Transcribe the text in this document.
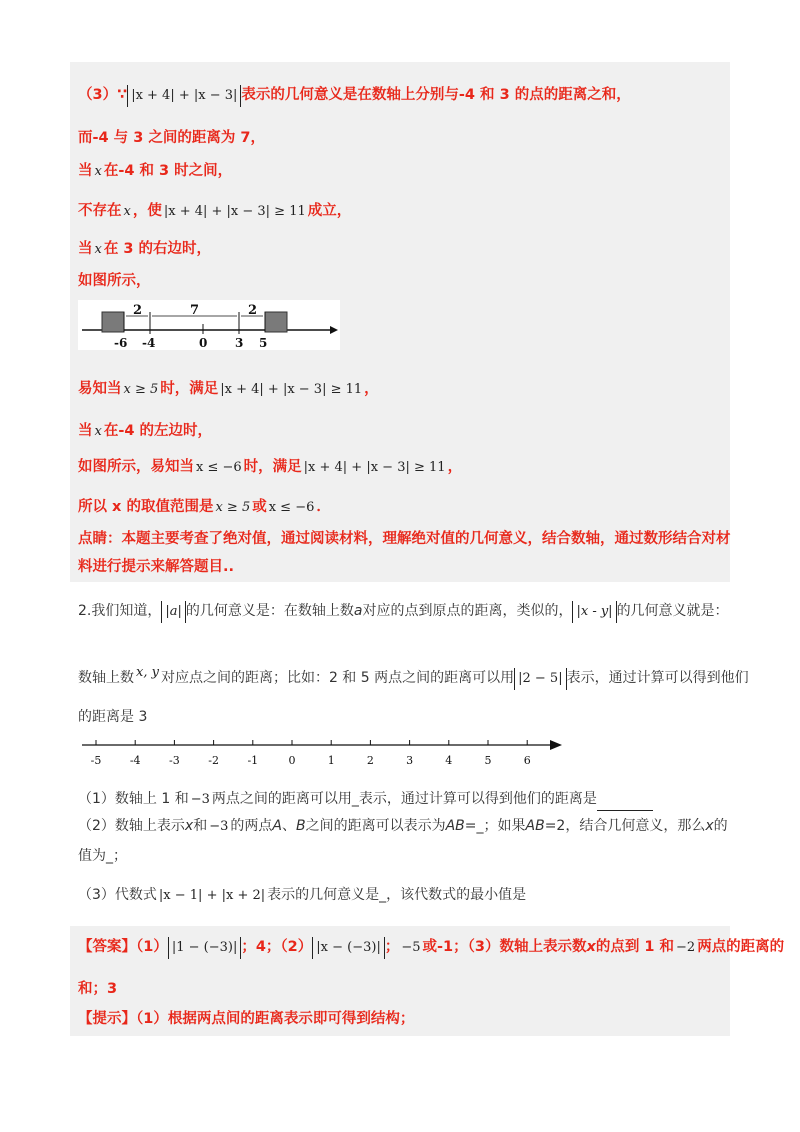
（3）∵ |x + 4| + |x − 3| 表示的几何意义是在数轴上分别与-4 和 3 的点的距离之和，
而-4 与 3 之间的距离为 7，
当 x 在-4 和 3 时之间，
不存在 x ，使 |x + 4| + |x − 3| ≥ 11 成立，
当 x 在 3 的右边时，
如图所示，
2	7	2
-6 -4	0 3 5
易知当 x ≥ 5 时，满足 |x + 4| + |x − 3| ≥ 11 ，
当 x 在-4 的左边时，
如图所示，易知当 x ≤ −6 时，满足 |x + 4| + |x − 3| ≥ 11 ，
所以 x 的取值范围是 x ≥ 5 或 x ≤ −6 ．
点睛：本题主要考查了绝对值，通过阅读材料，理解绝对值的几何意义，结合数轴，通过数形结合对材
料进行提示来解答题目..
2.我们知道， |a| 的几何意义是：在数轴上数a对应的点到原点的距离，类似的， |x - y| 的几何意义就是：
数轴上数 x, y 对应点之间的距离；比如：2 和 5 两点之间的距离可以用 |2 − 5| 表示，通过计算可以得到他们
的距离是 3
-5	-4	-3	-2	-1	0	1	2	3	4	5	6
（1）数轴上 1 和 −3 两点之间的距离可以用_表示，通过计算可以得到他们的距离是
（2）数轴上表示x和 −3 的两点A、B之间的距离可以表示为AB=_；如果AB=2，结合几何意义，那么x的
值为_；
（3）代数式 |x − 1| + |x + 2| 表示的几何意义是_，该代数式的最小值是
【答案】（1） |1 − (−3)| ；4；（2） |x − (−3)| ； −5 或-1；（3）数轴上表示数x的点到 1 和 −2 两点的距离的
和；3
【提示】（1）根据两点间的距离表示即可得到结构；
